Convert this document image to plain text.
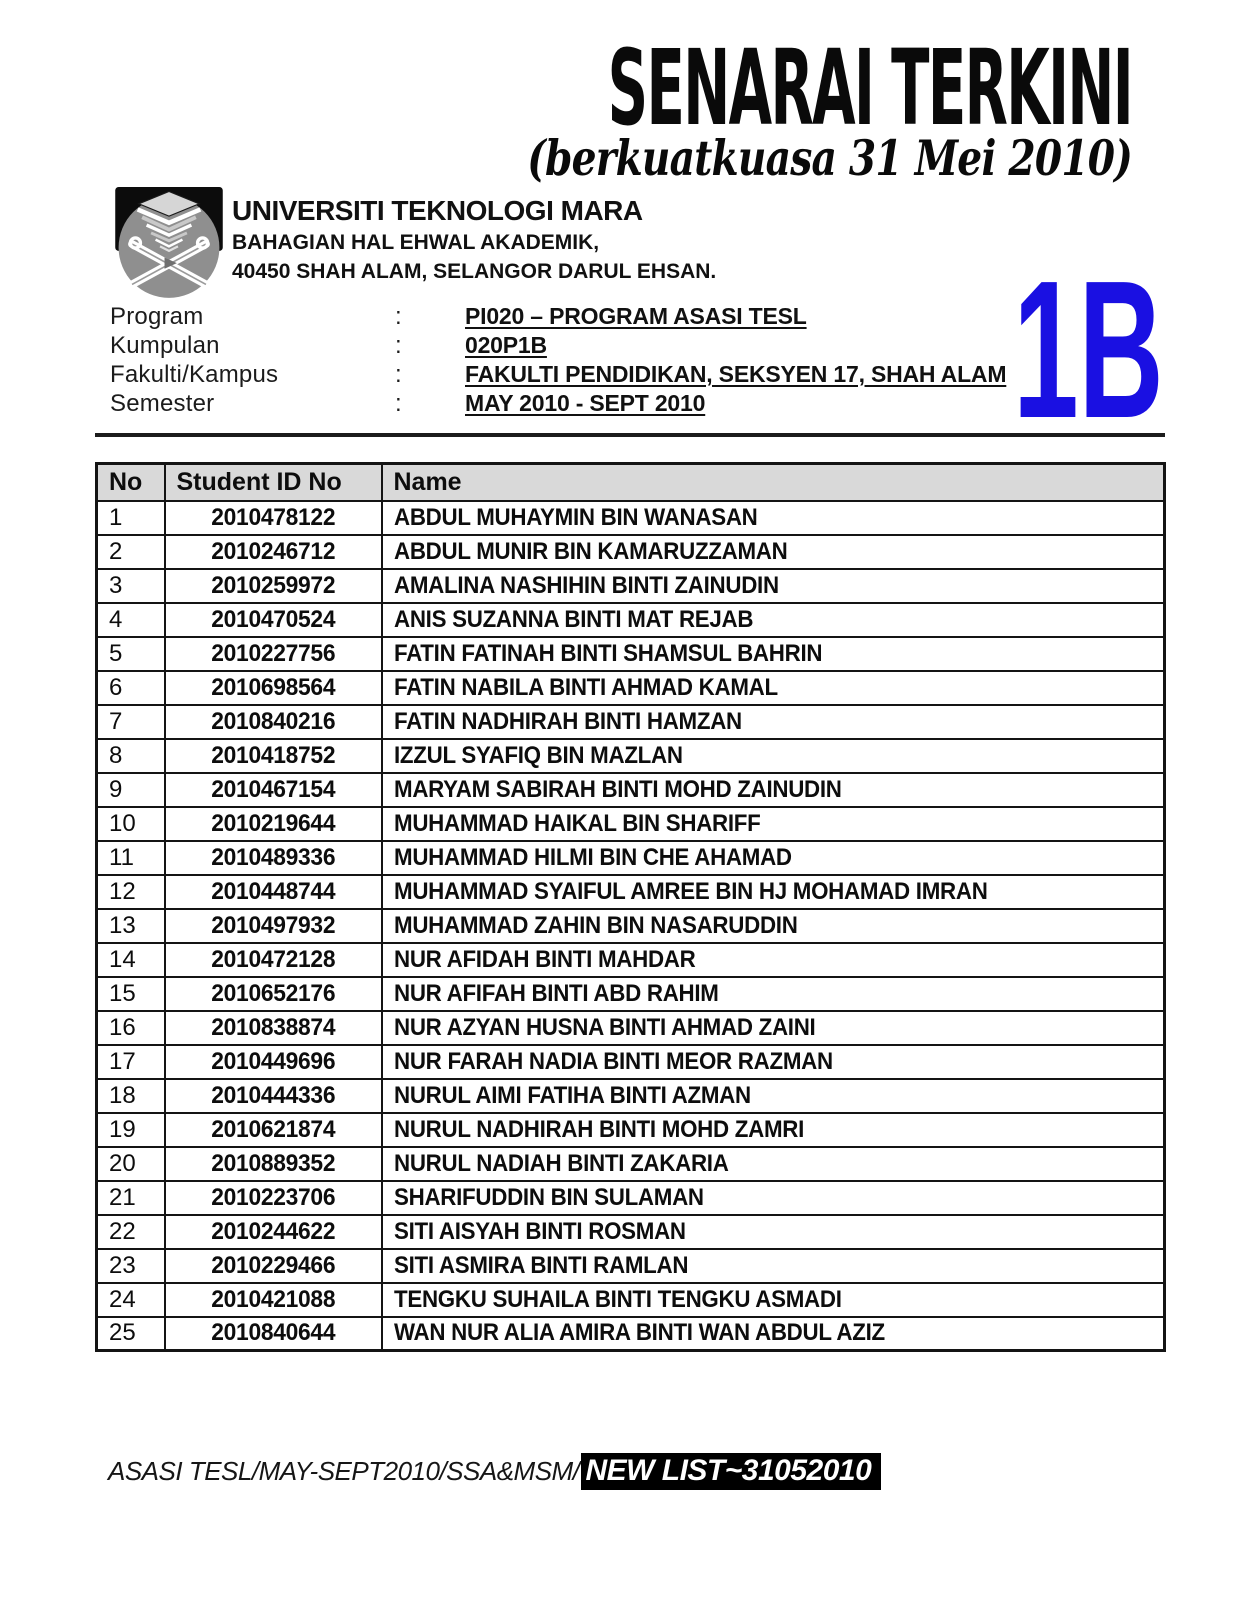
SENARAI TERKINI
(berkuatkuasa 31 Mei 2010)
UNIVERSITI TEKNOLOGI MARA
BAHAGIAN HAL EHWAL AKADEMIK,
40450 SHAH ALAM, SELANGOR DARUL EHSAN.
Program	:	PI020 – PROGRAM ASASI TESL
Kumpulan	:	020P1B
Fakulti/Kampus	:	FAKULTI PENDIDIKAN, SEKSYEN 17, SHAH ALAM
Semester	:	MAY 2010 - SEPT 2010 1B
No	Student ID No	Name
1	2010478122	ABDUL MUHAYMIN BIN WANASAN
2	2010246712	ABDUL MUNIR BIN KAMARUZZAMAN
3	2010259972	AMALINA NASHIHIN BINTI ZAINUDIN
4	2010470524	ANIS SUZANNA BINTI MAT REJAB
5	2010227756	FATIN FATINAH BINTI SHAMSUL BAHRIN
6	2010698564	FATIN NABILA BINTI AHMAD KAMAL
7	2010840216	FATIN NADHIRAH BINTI HAMZAN
8	2010418752	IZZUL SYAFIQ BIN MAZLAN
9	2010467154	MARYAM SABIRAH BINTI MOHD ZAINUDIN
10	2010219644	MUHAMMAD HAIKAL BIN SHARIFF
11	2010489336	MUHAMMAD HILMI BIN CHE AHAMAD
12	2010448744	MUHAMMAD SYAIFUL AMREE BIN HJ MOHAMAD IMRAN
13	2010497932	MUHAMMAD ZAHIN BIN NASARUDDIN
14	2010472128	NUR AFIDAH BINTI MAHDAR
15	2010652176	NUR AFIFAH BINTI ABD RAHIM
16	2010838874	NUR AZYAN HUSNA BINTI AHMAD ZAINI
17	2010449696	NUR FARAH NADIA BINTI MEOR RAZMAN
18	2010444336	NURUL AIMI FATIHA BINTI AZMAN
19	2010621874	NURUL NADHIRAH BINTI MOHD ZAMRI
20	2010889352	NURUL NADIAH BINTI ZAKARIA
21	2010223706	SHARIFUDDIN BIN SULAMAN
22	2010244622	SITI AISYAH BINTI ROSMAN
23	2010229466	SITI ASMIRA BINTI RAMLAN
24	2010421088	TENGKU SUHAILA BINTI TENGKU ASMADI
25	2010840644	WAN NUR ALIA AMIRA BINTI WAN ABDUL AZIZ
ASASI TESL/MAY-SEPT2010/SSA&MSM/ NEW LIST~31052010
